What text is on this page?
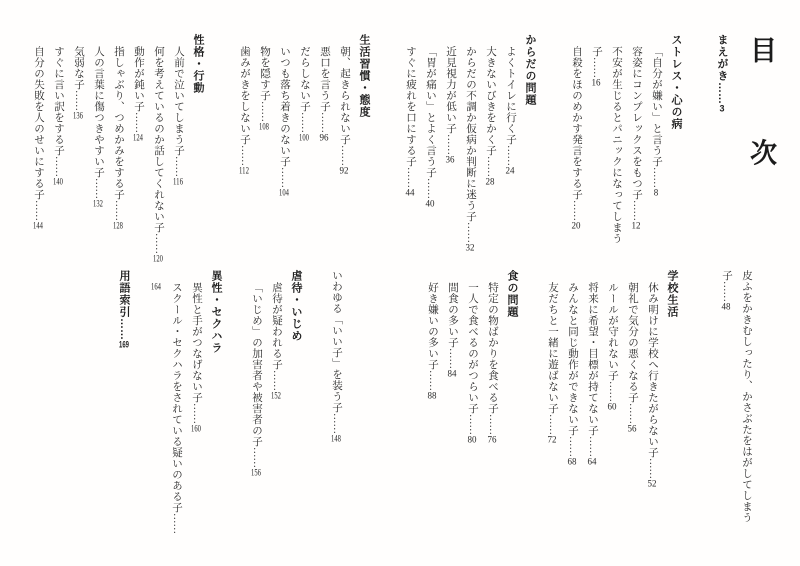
目　次
まえがき……3
ストレス・心の病
「自分が嫌い」と言う子……8
容姿にコンプレックスをもつ子……12
不安が生じるとパニックになってしまう子……16
自殺をほのめかす発言をする子……20
からだの問題
よくトイレに行く子……24
大きないびきをかく子……28
からだの不調か仮病か判断に迷う子……32
近見視力が低い子……36
「胃が痛い」とよく言う子……40
すぐに疲れを口にする子……44
生活習慣・態度
朝、起きられない子……92
悪口を言う子……96
だらしない子……100
いつも落ち着きのない子……104
物を隠す子……108
歯みがきをしない子……112
性格・行動
人前で泣いてしまう子……116
何を考えているのか話してくれない子……120
動作が鈍い子……124
指しゃぶり、つめかみをする子……128
人の言葉に傷つきやすい子……132
気弱な子……136
すぐに言い訳をする子……140
自分の失敗を人のせいにする子……144
皮ふをかきむしったり、かさぶたをはがしてしまう子……48
学校生活
休み明けに学校へ行きたがらない子……52
朝礼で気分の悪くなる子……56
ルールが守れない子……60
将来に希望・目標が持てない子……64
みんなと同じ動作ができない子……68
友だちと一緒に遊ばない子……72
食の問題
特定の物ばかりを食べる子……76
一人で食べるのがつらい子……80
間食の多い子……84
好き嫌いの多い子……88
いわゆる「いい子」を装う子……148
虐待・いじめ
虐待が疑われる子……152
「いじめ」の加害者や被害者の子……156
異性・セクハラ
異性と手がつなげない子……160
スクール・セクハラをされている疑いのある子……164
用語索引……169
